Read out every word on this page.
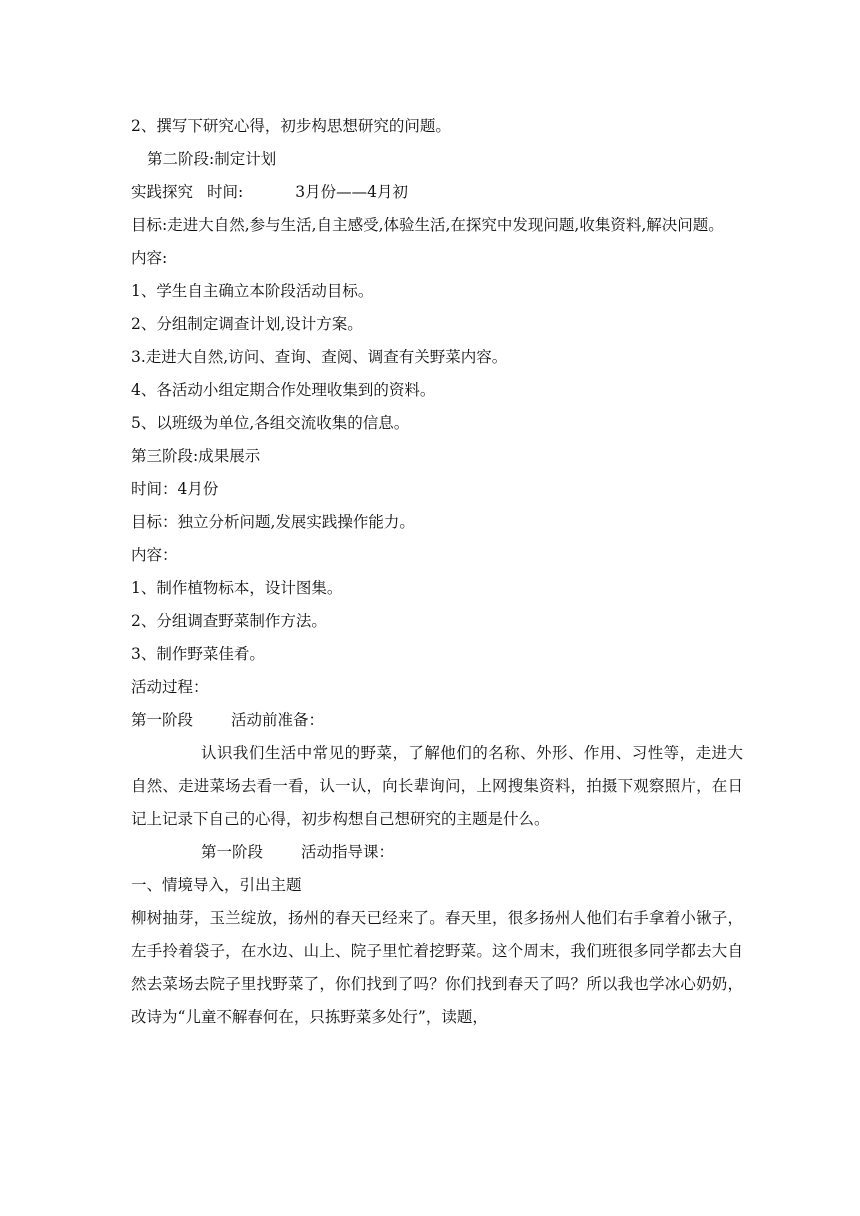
2、撰写下研究心得，初步构思想研究的问题。
第二阶段:制定计划
实践探究 时间:	3月份——4月初
目标:走进大自然,参与生活,自主感受,体验生活,在探究中发现问题,收集资料,解决问题。
内容:
1、学生自主确立本阶段活动目标。
2、分组制定调查计划,设计方案。
3.走进大自然,访问、查询、查阅、调查有关野菜内容。
4、各活动小组定期合作处理收集到的资料。
5、以班级为单位,各组交流收集的信息。
第三阶段:成果展示
时间：4月份
目标：独立分析问题,发展实践操作能力。
内容：
1、制作植物标本，设计图集。
2、分组调查野菜制作方法。
3、制作野菜佳肴。
活动过程：
第一阶段 活动前准备：
认识我们生活中常见的野菜，了解他们的名称、外形、作用、习性等，走进大自然、走进菜场去看一看，认一认，向长辈询问，上网搜集资料，拍摄下观察照片，在日记上记录下自己的心得，初步构想自己想研究的主题是什么。
第一阶段 活动指导课：
一、情境导入，引出主题
柳树抽芽，玉兰绽放，扬州的春天已经来了。春天里，很多扬州人他们右手拿着小锹子，左手拎着袋子，在水边、山上、院子里忙着挖野菜。这个周末，我们班很多同学都去大自然去菜场去院子里找野菜了，你们找到了吗？你们找到春天了吗？所以我也学冰心奶奶，改诗为“儿童不解春何在，只拣野菜多处行”，读题，
